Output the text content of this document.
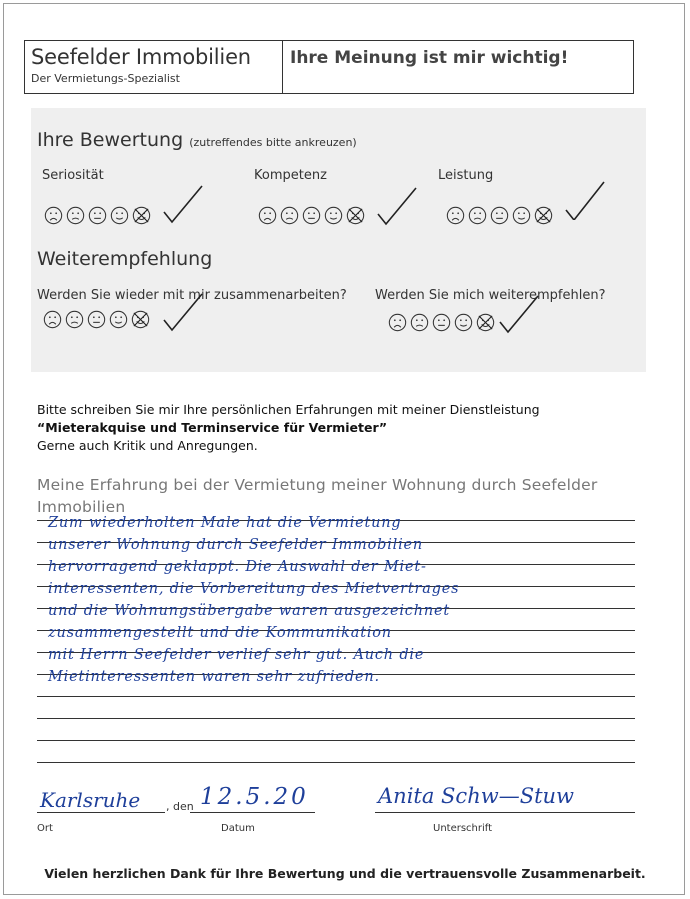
Seefelder Immobilien
Der Vermietungs-Spezialist
Ihre Meinung ist mir wichtig!
Ihre Bewertung (zutreffendes bitte ankreuzen)
Seriosität	Kompetenz	Leistung
Weiterempfehlung
Werden Sie wieder mit mir zusammenarbeiten? Werden Sie mich weiterempfehlen?
Bitte schreiben Sie mir Ihre persönlichen Erfahrungen mit meiner Dienstleistung
“Mieterakquise und Terminservice für Vermieter”
Gerne auch Kritik und Anregungen.
Meine Erfahrung bei der Vermietung meiner Wohnung durch Seefelder Immobilien
Zum wiederholten Male hat die Vermietung
unserer Wohnung durch Seefelder Immobilien
hervorragend geklappt. Die Auswahl der Miet-
interessenten, die Vorbereitung des Mietvertrages
und die Wohnungsübergabe waren ausgezeichnet
zusammengestellt und die Kommunikation
mit Herrn Seefelder verlief sehr gut. Auch die
Mietinteressenten waren sehr zufrieden.
Karlsruhe , den 12.5.20	Anita Schw—Stuw
Ort	Datum	Unterschrift
Vielen herzlichen Dank für Ihre Bewertung und die vertrauensvolle Zusammenarbeit.
